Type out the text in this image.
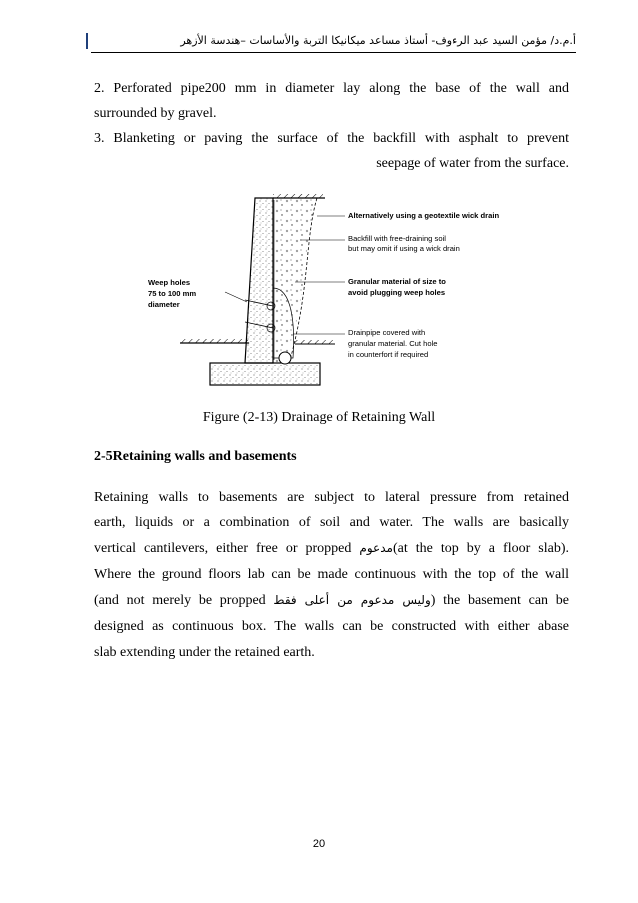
أ.م.د/ مؤمن السيد عبد الرءوف- أستاذ مساعد ميكانيكا التربة والأساسات –هندسة الأزهر

2. Perforated pipe200 mm in diameter lay along the base of the wall and

surrounded by gravel.

3. Blanketing or paving the surface of the backfill with asphalt to prevent

seepage of water from the surface.

Alternatively using a geotextile wick drain
Backfill with free-draining soil
but may omit if using a wick drain
Weep holes
75 to 100 mm
diameter
Granular material of size to
avoid plugging weep holes
Drainpipe covered with
granular material. Cut hole
in counterfort if required
Figure (2-13) Drainage of Retaining Wall
2-5Retaining walls and basements

Retaining walls to basements are subject to lateral pressure from retained

earth, liquids or a combination of soil and water. The walls are basically

vertical cantilevers, either free or propped مدعوم(at the top by a floor slab).

Where the ground floors lab can be made continuous with the top of the wall

(and not merely be propped وليس مدعوم من أعلى فقط) the basement can be

designed as continuous box. The walls can be constructed with either abase

slab extending under the retained earth.

20
